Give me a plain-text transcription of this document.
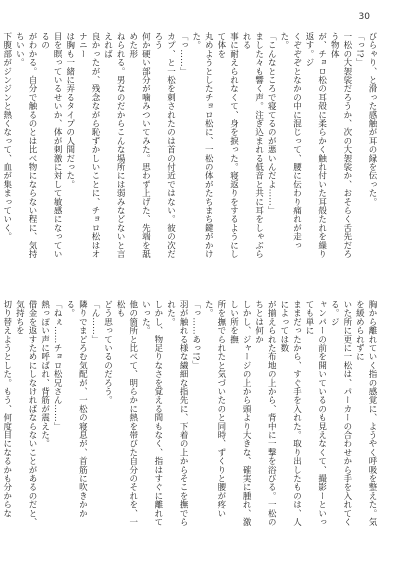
30
びらゃり、と滑った感触が耳の縁を伝った。
「っ!?」
一松の大袈裟だろうか、次の大袈裟か、おそらく舌先だろう物体
が、チョロ松の耳殻に柔らかく触れ付いた耳殻たれを繰り返す。ジ
くぞぞぞとなかの中に混じって、腰に伝わり痛れが走った。
「こんなところで寝てるのが悪いんだよ……」
ました々も響く声。注ぎ込まれる低音と共に耳をしゃぶられる
事に耐えられなくて、身を捩った。寝返りをするようにして体を
丸めようとしたチョロ松に、一松の体がたちまち鍵がかけた。
「っ……」
カプ、と一松を刺されたのは首の付近ではない。彼の次だろう
何か硬い部分が噛みついてみた。思わず上げた、先端を舐めた形
ねられる。男なのだからこんな場所には弱みなどないと言えれば
良かったが、残念ながら恥ずかしいことに、チョロ松はオナニー
は胸も一緒に弄るタイプの人間だった。
目を瞑っているせいか、体が刺激に対して敏感になっているの
がわかる。自分で触るのとは比べ物にならない程に、気持ちいい。
下腹部がジンジンと熱くなって、血が集まっていく。
胸から離れていく指の感覚に、ようやく呼吸を整えた。気を緩められずに
いた所に更に一松は、パーカーの合わせから手を入れてくる。ジ
ャンパーの前を開いているのも見えなくて、撮影ーといっても単に
ままだったから、すぐ手を入れた。取り出したものは、人によっては数
が揃えられた布地の上から、背中に一撃を浴びる。一松のちとは何か
しかし、ジャージの上から頭より大きな、確実に腫れ、激しい所を撫
所を撫でられたと気づいたのと同時、ずくりと腰が疼いた。
「っ……あっ!?」
羽が触れる様な繊細な指先に、下着の上からそこを撫でられた。
しかし、物足りなさを覚える間もなく、指はすぐに離れていった。
他の箇所と比べて、明らかに熱を帯びた自分のそれを、一松も
どう思っているのだろう。
「ん……」
隣りでまどろむ気配が、一松の寝息が、首筋に吹きかかる。
「ねぇ……チョロ松兄さん……」
熱っぽい声に呼ばれ、背筋が震えた。
借金を返すためにしなければならないことがあるのだと、気持ちを
切り替えようとした。もう、何度目になるかも分からな
